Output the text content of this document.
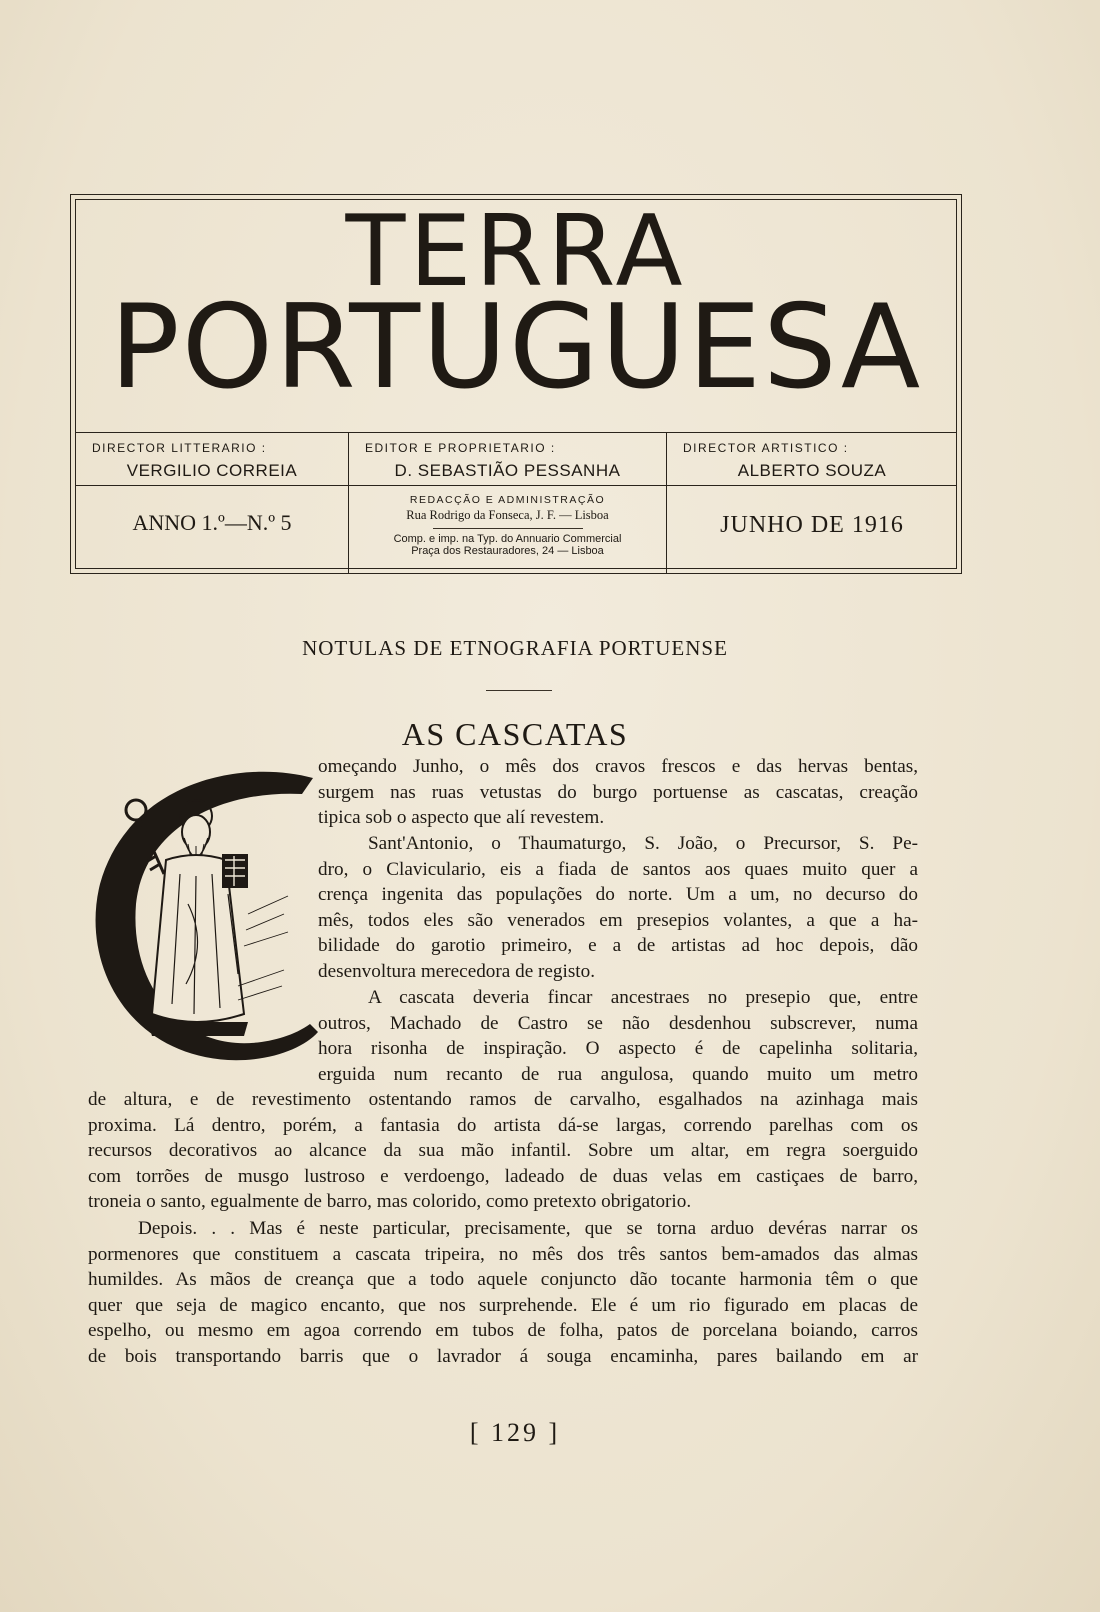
TERRA
PORTUGUESA
DIRECTOR LITTERARIO :
VERGILIO CORREIA
EDITOR E PROPRIETARIO :
D. SEBASTIÃO PESSANHA
DIRECTOR ARTISTICO :
ALBERTO SOUZA
ANNO 1.º—N.º 5
REDACÇÃO E ADMINISTRAÇÃO
Rua Rodrigo da Fonseca, J. F. — Lisboa
Comp. e imp. na Typ. do Annuario Commercial
Praça dos Restauradores, 24 — Lisboa
JUNHO DE 1916
NOTULAS DE ETNOGRAFIA PORTUENSE
AS CASCATAS
omeçando Junho, o mês dos cravos frescos e das hervas bentas,
surgem nas ruas vetustas do burgo portuense as cascatas, creação
tipica sob o aspecto que alí revestem.
Sant'Antonio, o Thaumaturgo, S. João, o Precursor, S. Pe-
dro, o Claviculario, eis a fiada de santos aos quaes muito quer a
crença ingenita das populações do norte. Um a um, no decurso do
mês, todos eles são venerados em presepios volantes, a que a ha-
bilidade do garotio primeiro, e a de artistas ad hoc depois, dão
desenvoltura merecedora de registo.
A cascata deveria fincar ancestraes no presepio que, entre
outros, Machado de Castro se não desdenhou subscrever, numa
hora risonha de inspiração. O aspecto é de capelinha solitaria,
erguida num recanto de rua angulosa, quando muito um metro
de altura, e de revestimento ostentando ramos de carvalho, esgalhados na azinhaga mais
proxima. Lá dentro, porém, a fantasia do artista dá-se largas, correndo parelhas com os
recursos decorativos ao alcance da sua mão infantil. Sobre um altar, em regra soerguido
com torrões de musgo lustroso e verdoengo, ladeado de duas velas em castiçaes de barro,
troneia o santo, egualmente de barro, mas colorido, como pretexto obrigatorio.
Depois. . . Mas é neste particular, precisamente, que se torna arduo devéras narrar os
pormenores que constituem a cascata tripeira, no mês dos três santos bem-amados das almas
humildes. As mãos de creança que a todo aquele conjuncto dão tocante harmonia têm o que
quer que seja de magico encanto, que nos surprehende. Ele é um rio figurado em placas de
espelho, ou mesmo em agoa correndo em tubos de folha, patos de porcelana boiando, carros
de bois transportando barris que o lavrador á souga encaminha, pares bailando em ar
[ 129 ]
